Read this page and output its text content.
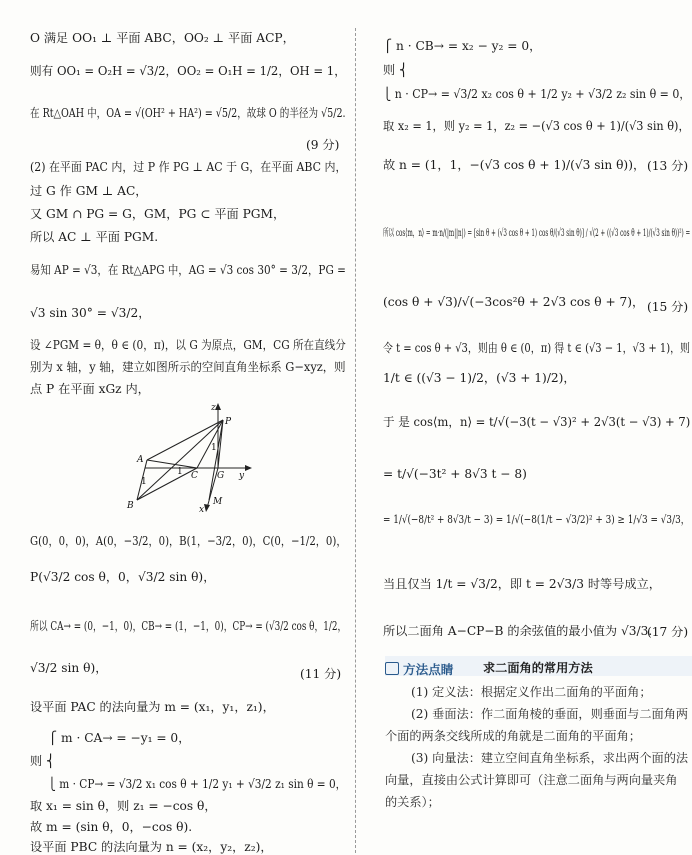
O 满足 OO₁ ⊥ 平面 ABC，OO₂ ⊥ 平面 ACP，
则有 OO₁ = O₂H = √3/2，OO₂ = O₁H = 1/2，OH = 1，
在 Rt△OAH 中，OA = √(OH² + HA²) = √5/2，故球 O 的半径为 √5/2.
(9 分)
(2) 在平面 PAC 内，过 P 作 PG ⊥ AC 于 G，在平面 ABC 内，
过 G 作 GM ⊥ AC，
又 GM ∩ PG = G，GM，PG ⊂ 平面 PGM，
所以 AC ⊥ 平面 PGM.
易知 AP = √3，在 Rt△APG 中，AG = √3 cos 30° = 3/2，PG =
√3 sin 30° = √3/2，
设 ∠PGM = θ，θ ∈ (0，π)，以 G 为原点，GM，CG 所在直线分
别为 x 轴，y 轴，建立如图所示的空间直角坐标系 G−xyz，则
点 P 在平面 xGz 内，
z
P
A
B
C G y
x
M
1
1
1
G(0，0，0)，A(0，−3/2，0)，B(1，−3/2，0)，C(0，−1/2，0)，
P(√3/2 cos θ，0，√3/2 sin θ)，
所以 CA→ = (0，−1，0)，CB→ = (1，−1，0)，CP→ = (√3/2 cos θ，1/2，
√3/2 sin θ)，	(11 分)
设平面 PAC 的法向量为 m = (x₁，y₁，z₁)，
⎧ m · CA→ = −y₁ = 0，
则 ⎨
⎩ m · CP→ = √3/2 x₁ cos θ + 1/2 y₁ + √3/2 z₁ sin θ = 0，
取 x₁ = sin θ，则 z₁ = −cos θ，
故 m = (sin θ，0，−cos θ).
设平面 PBC 的法向量为 n = (x₂，y₂，z₂)，
⎧ n · CB→ = x₂ − y₂ = 0，
则 ⎨
⎩ n · CP→ = √3/2 x₂ cos θ + 1/2 y₂ + √3/2 z₂ sin θ = 0，
取 x₂ = 1，则 y₂ = 1，z₂ = −(√3 cos θ + 1)/(√3 sin θ)，
故 n = (1，1，−(√3 cos θ + 1)/(√3 sin θ))， (13 分)
所以 cos⟨m，n⟩ = m·n/(|m||n|) = [sin θ + (√3 cos θ + 1) cos θ/(√3 sin θ)] / √(2 + ((√3 cos θ + 1)/(√3 sin θ))²) =
(cos θ + √3)/√(−3cos²θ + 2√3 cos θ + 7)， (15 分)
令 t = cos θ + √3，则由 θ ∈ (0，π) 得 t ∈ (√3 − 1，√3 + 1)，则
1/t ∈ ((√3 − 1)/2，(√3 + 1)/2)，
于 是 cos⟨m，n⟩ = t/√(−3(t − √3)² + 2√3(t − √3) + 7)
= t/√(−3t² + 8√3 t − 8)
= 1/√(−8/t² + 8√3/t − 3) = 1/√(−8(1/t − √3/2)² + 3) ≥ 1/√3 = √3/3，
当且仅当 1/t = √3/2，即 t = 2√3/3 时等号成立，
所以二面角 A−CP−B 的余弦值的最小值为 √3/3.
(17 分)
方法点睛 求二面角的常用方法
(1) 定义法：根据定义作出二面角的平面角；
(2) 垂面法：作二面角棱的垂面，则垂面与二面角两
个面的两条交线所成的角就是二面角的平面角；
(3) 向量法：建立空间直角坐标系，求出两个面的法
向量，直接由公式计算即可（注意二面角与两向量夹角
的关系）；
